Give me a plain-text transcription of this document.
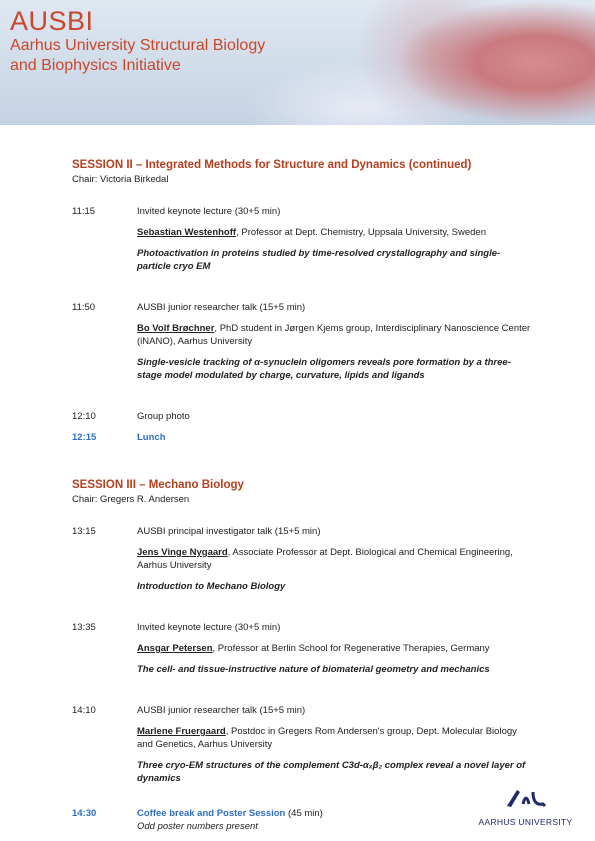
AUSBI
Aarhus University Structural Biology
and Biophysics Initiative
SESSION II – Integrated Methods for Structure and Dynamics (continued)
Chair: Victoria Birkedal
11:15	Invited keynote lecture (30+5 min)
Sebastian Westenhoff, Professor at Dept. Chemistry, Uppsala University, Sweden
Photoactivation in proteins studied by time-resolved crystallography and single-particle cryo EM
11:50	AUSBI junior researcher talk (15+5 min)
Bo Volf Brøchner, PhD student in Jørgen Kjems group, Interdisciplinary Nanoscience Center (iNANO), Aarhus University
Single-vesicle tracking of α-synuclein oligomers reveals pore formation by a three-stage model modulated by charge, curvature, lipids and ligands
12:10	Group photo
12:15	Lunch
SESSION III – Mechano Biology
Chair: Gregers R. Andersen
13:15	AUSBI principal investigator talk (15+5 min)
Jens Vinge Nygaard, Associate Professor at Dept. Biological and Chemical Engineering, Aarhus University
Introduction to Mechano Biology
13:35	Invited keynote lecture (30+5 min)
Ansgar Petersen, Professor at Berlin School for Regenerative Therapies, Germany
The cell- and tissue-instructive nature of biomaterial geometry and mechanics
14:10	AUSBI junior researcher talk (15+5 min)
Marlene Fruergaard, Postdoc in Gregers Rom Andersen's group, Dept. Molecular Biology and Genetics, Aarhus University
Three cryo-EM structures of the complement C3d-αₓβ₂ complex reveal a novel layer of dynamics
14:30	Coffee break and Poster Session (45 min)
Odd poster numbers present	AARHUS UNIVERSITY
